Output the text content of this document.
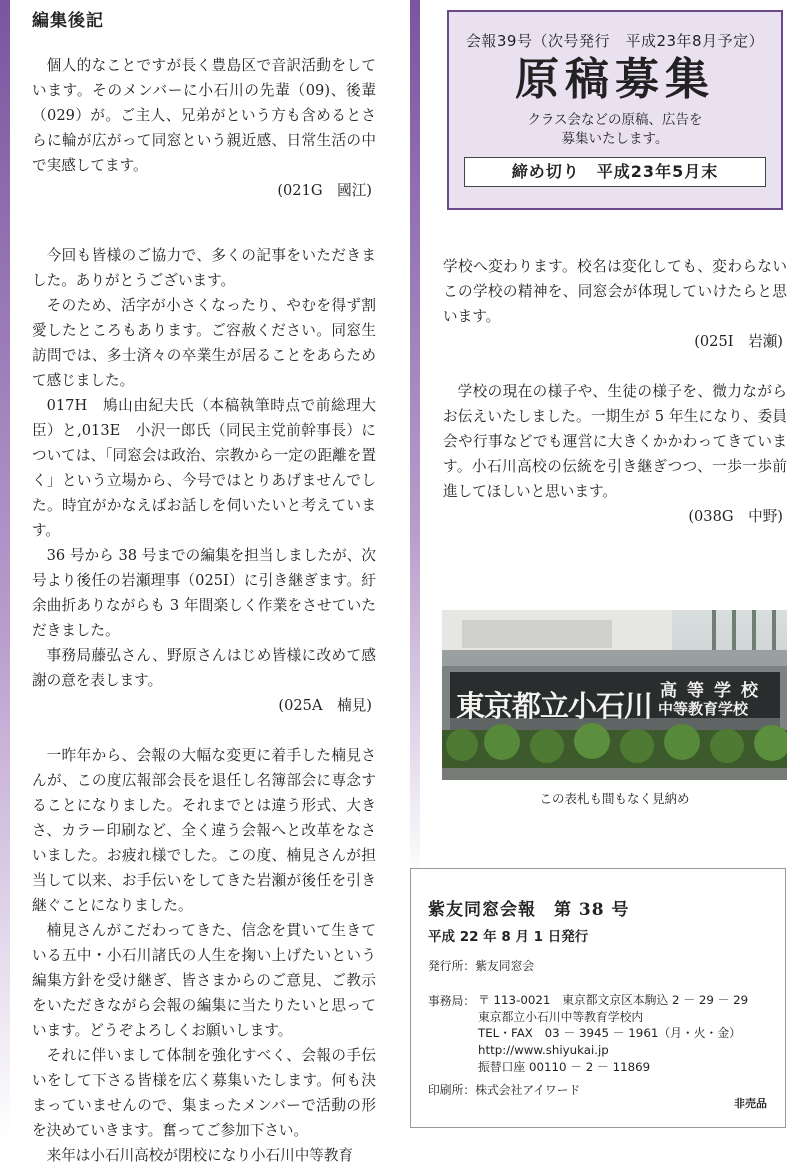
編集後記

個人的なことですが長く豊島区で音訳活動をしています。そのメンバーに小石川の先輩（09)、後輩（029）が。ご主人、兄弟がという方も含めるとさらに輪が広がって同窓という親近感、日常生活の中で実感してます。

(021G　國江)

今回も皆様のご協力で、多くの記事をいただきました。ありがとうございます。

そのため、活字が小さくなったり、やむを得ず割愛したところもあります。ご容赦ください。同窓生訪問では、多士済々の卒業生が居ることをあらためて感じました。

017H　鳩山由紀夫氏（本稿執筆時点で前総理大臣）と,013E　小沢一郎氏（同民主党前幹事長）については、「同窓会は政治、宗教から一定の距離を置く」という立場から、今号ではとりあげませんでした。時宜がかなえばお話しを伺いたいと考えています。

36 号から 38 号までの編集を担当しましたが、次号より後任の岩瀬理事（025I）に引き継ぎます。紆余曲折ありながらも 3 年間楽しく作業をさせていただきました。

事務局藤弘さん、野原さんはじめ皆様に改めて感謝の意を表します。

(025A　楠見)

一昨年から、会報の大幅な変更に着手した楠見さんが、この度広報部会長を退任し名簿部会に専念することになりました。それまでとは違う形式、大きさ、カラー印刷など、全く違う会報へと改革をなさいました。お疲れ様でした。この度、楠見さんが担当して以来、お手伝いをしてきた岩瀬が後任を引き継ぐことになりました。

楠見さんがこだわってきた、信念を貫いて生きている五中・小石川諸氏の人生を掬い上げたいという編集方針を受け継ぎ、皆さまからのご意見、ご教示をいただきながら会報の編集に当たりたいと思っています。どうぞよろしくお願いします。

それに伴いまして体制を強化すべく、会報の手伝いをして下さる皆様を広く募集いたします。何も決まっていませんので、集まったメンバーで活動の形を決めていきます。奮ってご参加下さい。

来年は小石川高校が閉校になり小石川中等教育

会報39号（次号発行　平成23年8月予定）
原稿募集
クラス会などの原稿、広告を
募集いたします。
締め切り　平成23年5月末

学校へ変わります。校名は変化しても、変わらないこの学校の精神を、同窓会が体現していけたらと思います。

(025I　岩瀬)

学校の現在の様子や、生徒の様子を、微力ながらお伝えいたしました。一期生が 5 年生になり、委員会や行事などでも運営に大きくかかわってきています。小石川高校の伝統を引き継ぎつつ、一歩一歩前進してほしいと思います。

(038G　中野)

東京都立小石川 高等学校
中等教育学校
この表札も間もなく見納め
紫友同窓会報　第 38 号
平成 22 年 8 月 1 日発行
発行所：紫友同窓会
事務局： 〒 113-0021　東京都文京区本駒込 2 － 29 － 29
東京都立小石川中等教育学校内
TEL・FAX　03 － 3945 － 1961（月・火・金）
http://www.shiyukai.jp
振替口座 00110 － 2 － 11869
印刷所：株式会社アイワード
非売品
